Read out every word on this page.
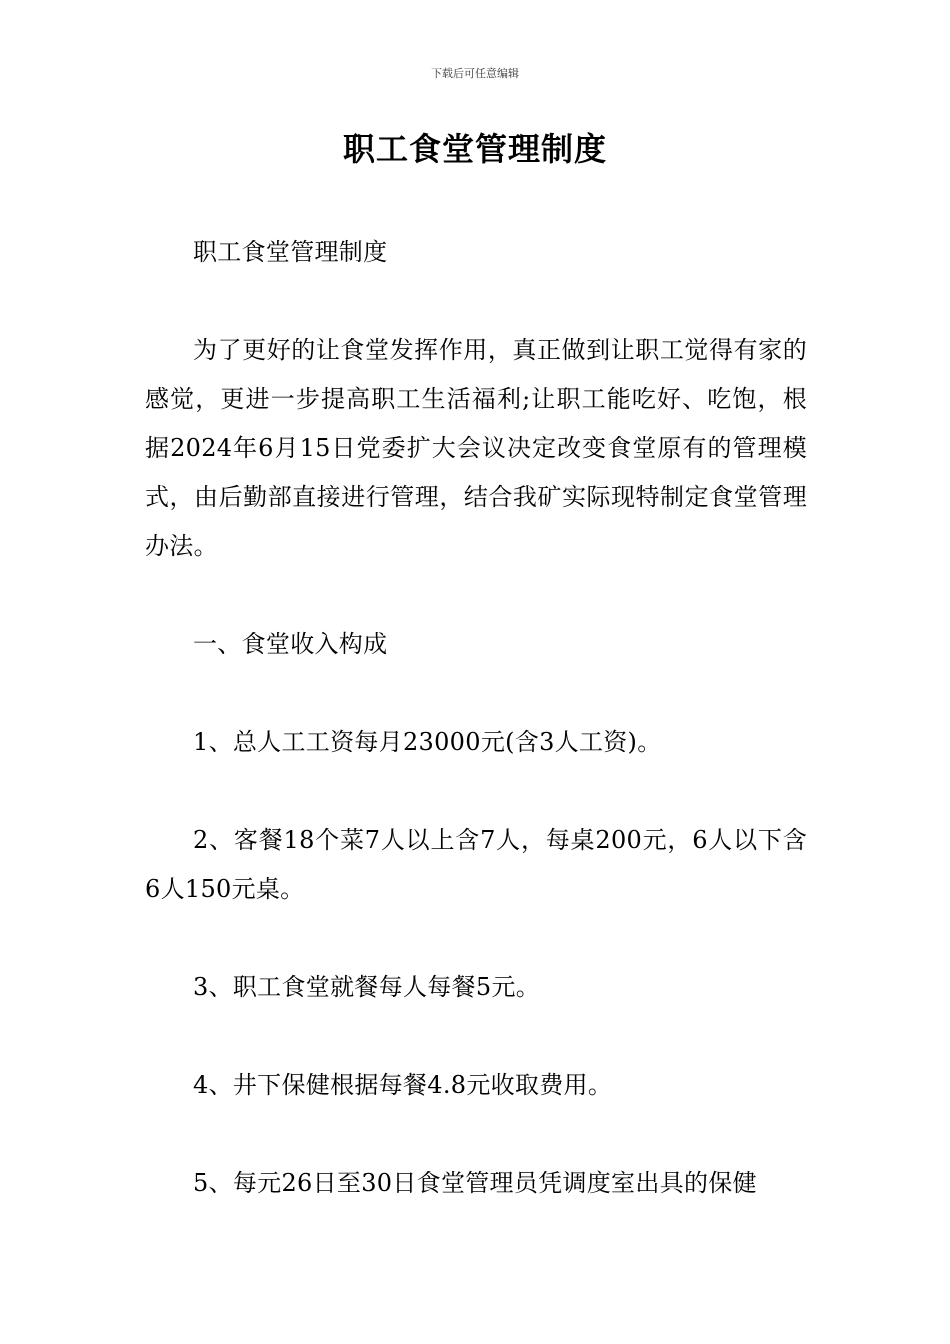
下载后可任意编辑
职工食堂管理制度

职工食堂管理制度

为了更好的让食堂发挥作用，真正做到让职工觉得有家的感觉，更进一步提高职工生活福利;让职工能吃好、吃饱，根据2024年6月15日党委扩大会议决定改变食堂原有的管理模式，由后勤部直接进行管理，结合我矿实际现特制定食堂管理办法。

一、食堂收入构成

1、总人工工资每月23000元(含3人工资)。

2、客餐18个菜7人以上含7人，每桌200元，6人以下含6人150元桌。

3、职工食堂就餐每人每餐5元。

4、井下保健根据每餐4.8元收取费用。

5、每元26日至30日食堂管理员凭调度室出具的保健
